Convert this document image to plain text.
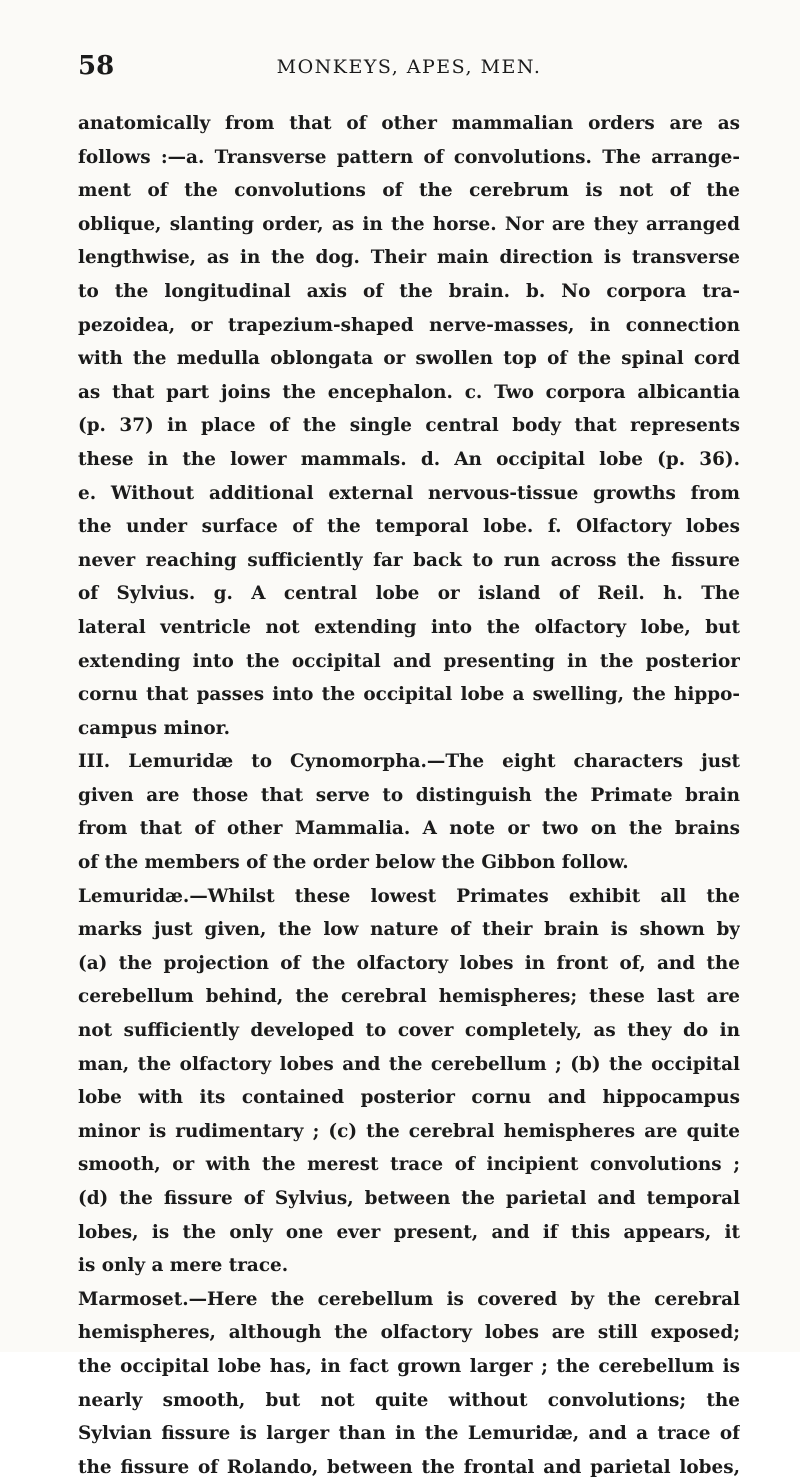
58	MONKEYS, APES, MEN.
anatomically from that of other mammalian orders are as
follows :—a. Transverse pattern of convolutions. The arrange-
ment of the convolutions of the cerebrum is not of the
oblique, slanting order, as in the horse. Nor are they arranged
lengthwise, as in the dog. Their main direction is transverse
to the longitudinal axis of the brain. b. No corpora tra-
pezoidea, or trapezium-shaped nerve-masses, in connection
with the medulla oblongata or swollen top of the spinal cord
as that part joins the encephalon. c. Two corpora albicantia
(p. 37) in place of the single central body that represents
these in the lower mammals. d. An occipital lobe (p. 36).
e. Without additional external nervous-tissue growths from
the under surface of the temporal lobe. f. Olfactory lobes
never reaching sufficiently far back to run across the fissure
of Sylvius. g. A central lobe or island of Reil. h. The
lateral ventricle not extending into the olfactory lobe, but
extending into the occipital and presenting in the posterior
cornu that passes into the occipital lobe a swelling, the hippo-
campus minor.
III. Lemuridæ to Cynomorpha.—The eight characters just
given are those that serve to distinguish the Primate brain
from that of other Mammalia. A note or two on the brains
of the members of the order below the Gibbon follow.
Lemuridæ.—Whilst these lowest Primates exhibit all the
marks just given, the low nature of their brain is shown by
(a) the projection of the olfactory lobes in front of, and the
cerebellum behind, the cerebral hemispheres; these last are
not sufficiently developed to cover completely, as they do in
man, the olfactory lobes and the cerebellum ; (b) the occipital
lobe with its contained posterior cornu and hippocampus
minor is rudimentary ; (c) the cerebral hemispheres are quite
smooth, or with the merest trace of incipient convolutions ;
(d) the fissure of Sylvius, between the parietal and temporal
lobes, is the only one ever present, and if this appears, it
is only a mere trace.
Marmoset.—Here the cerebellum is covered by the cerebral
hemispheres, although the olfactory lobes are still exposed;
the occipital lobe has, in fact grown larger ; the cerebellum is
nearly smooth, but not quite without convolutions; the
Sylvian fissure is larger than in the Lemuridæ, and a trace of
the fissure of Rolando, between the frontal and parietal lobes,
